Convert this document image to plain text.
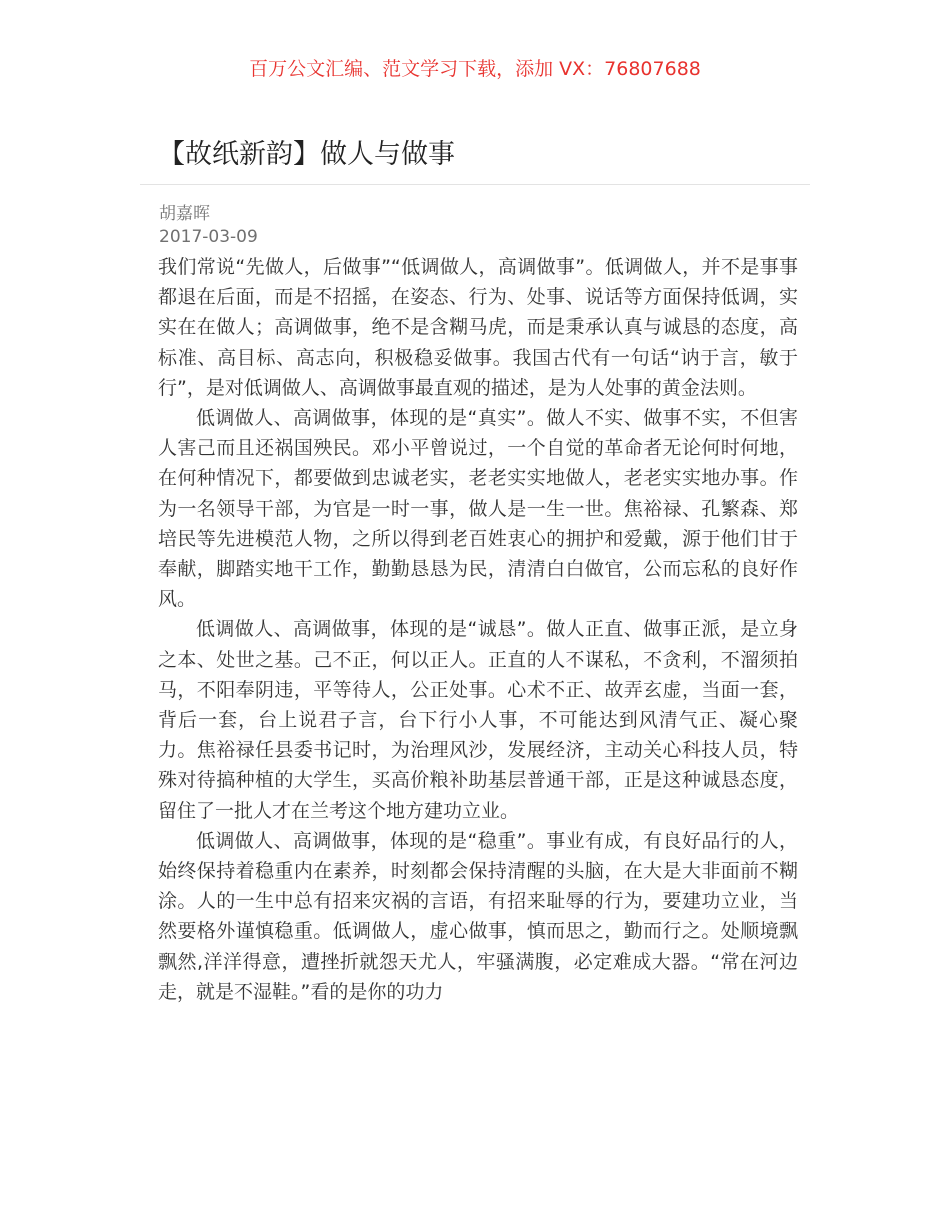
百万公文汇编、范文学习下载，添加 VX：76807688
【故纸新韵】做人与做事
胡嘉晖
2017-03-09

我们常说“先做人，后做事”“低调做人，高调做事”。低调做人，并不是事事都退在后面，而是不招摇，在姿态、行为、处事、说话等方面保持低调，实实在在做人；高调做事，绝不是含糊马虎，而是秉承认真与诚恳的态度，高标准、高目标、高志向，积极稳妥做事。我国古代有一句话“讷于言，敏于行”，是对低调做人、高调做事最直观的描述，是为人处事的黄金法则。

低调做人、高调做事，体现的是“真实”。做人不实、做事不实，不但害人害己而且还祸国殃民。邓小平曾说过，一个自觉的革命者无论何时何地，在何种情况下，都要做到忠诚老实，老老实实地做人，老老实实地办事。作为一名领导干部，为官是一时一事，做人是一生一世。焦裕禄、孔繁森、郑培民等先进模范人物，之所以得到老百姓衷心的拥护和爱戴，源于他们甘于奉献，脚踏实地干工作，勤勤恳恳为民，清清白白做官，公而忘私的良好作风。

低调做人、高调做事，体现的是“诚恳”。做人正直、做事正派，是立身之本、处世之基。己不正，何以正人。正直的人不谋私，不贪利，不溜须拍马，不阳奉阴违，平等待人，公正处事。心术不正、故弄玄虚，当面一套，背后一套，台上说君子言，台下行小人事，不可能达到风清气正、凝心聚力。焦裕禄任县委书记时，为治理风沙，发展经济，主动关心科技人员，特殊对待搞种植的大学生，买高价粮补助基层普通干部，正是这种诚恳态度，留住了一批人才在兰考这个地方建功立业。

低调做人、高调做事，体现的是“稳重”。事业有成，有良好品行的人，始终保持着稳重内在素养，时刻都会保持清醒的头脑，在大是大非面前不糊涂。人的一生中总有招来灾祸的言语，有招来耻辱的行为，要建功立业，当然要格外谨慎稳重。低调做人，虚心做事，慎而思之，勤而行之。处顺境飘飘然,洋洋得意，遭挫折就怨天尤人，牢骚满腹，必定难成大器。“常在河边走，就是不湿鞋。”看的是你的功力
